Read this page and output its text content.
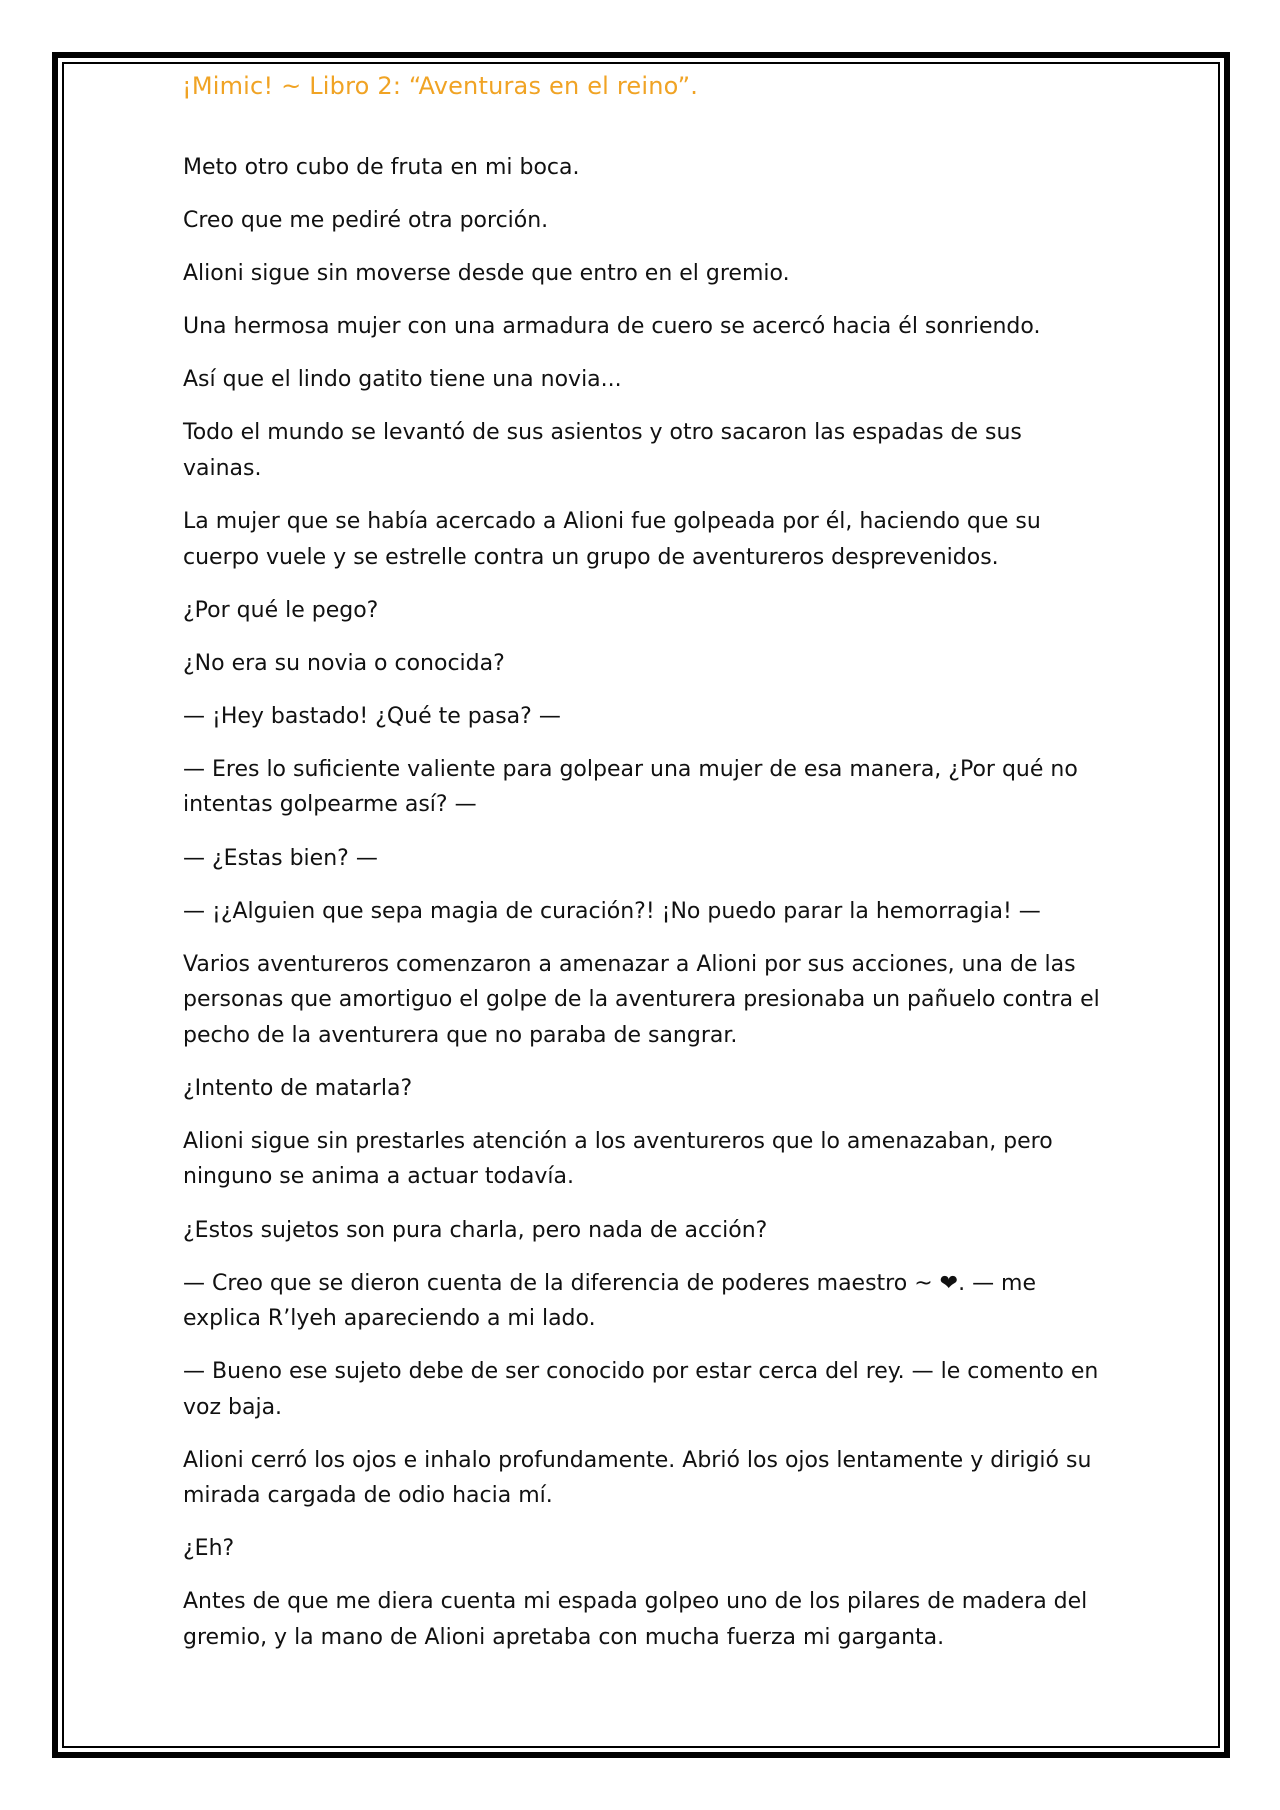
¡Mimic! ~ Libro 2: “Aventuras en el reino”.

Meto otro cubo de fruta en mi boca.

Creo que me pediré otra porción.

Alioni sigue sin moverse desde que entro en el gremio.

Una hermosa mujer con una armadura de cuero se acercó hacia él sonriendo.

Así que el lindo gatito tiene una novia...

Todo el mundo se levantó de sus asientos y otro sacaron las espadas de sus vainas.

La mujer que se había acercado a Alioni fue golpeada por él, haciendo que su cuerpo vuele y se estrelle contra un grupo de aventureros desprevenidos.

¿Por qué le pego?

¿No era su novia o conocida?

— ¡Hey bastado! ¿Qué te pasa? —

— Eres lo suficiente valiente para golpear una mujer de esa manera, ¿Por qué no intentas golpearme así? —

— ¿Estas bien? —

— ¡¿Alguien que sepa magia de curación?! ¡No puedo parar la hemorragia! —

Varios aventureros comenzaron a amenazar a Alioni por sus acciones, una de las personas que amortiguo el golpe de la aventurera presionaba un pañuelo contra el pecho de la aventurera que no paraba de sangrar.

¿Intento de matarla?

Alioni sigue sin prestarles atención a los aventureros que lo amenazaban, pero ninguno se anima a actuar todavía.

¿Estos sujetos son pura charla, pero nada de acción?

— Creo que se dieron cuenta de la diferencia de poderes maestro ~ ❤. — me explica R’lyeh apareciendo a mi lado.

— Bueno ese sujeto debe de ser conocido por estar cerca del rey. — le comento en voz baja.

Alioni cerró los ojos e inhalo profundamente. Abrió los ojos lentamente y dirigió su mirada cargada de odio hacia mí.

¿Eh?

Antes de que me diera cuenta mi espada golpeo uno de los pilares de madera del gremio, y la mano de Alioni apretaba con mucha fuerza mi garganta.
